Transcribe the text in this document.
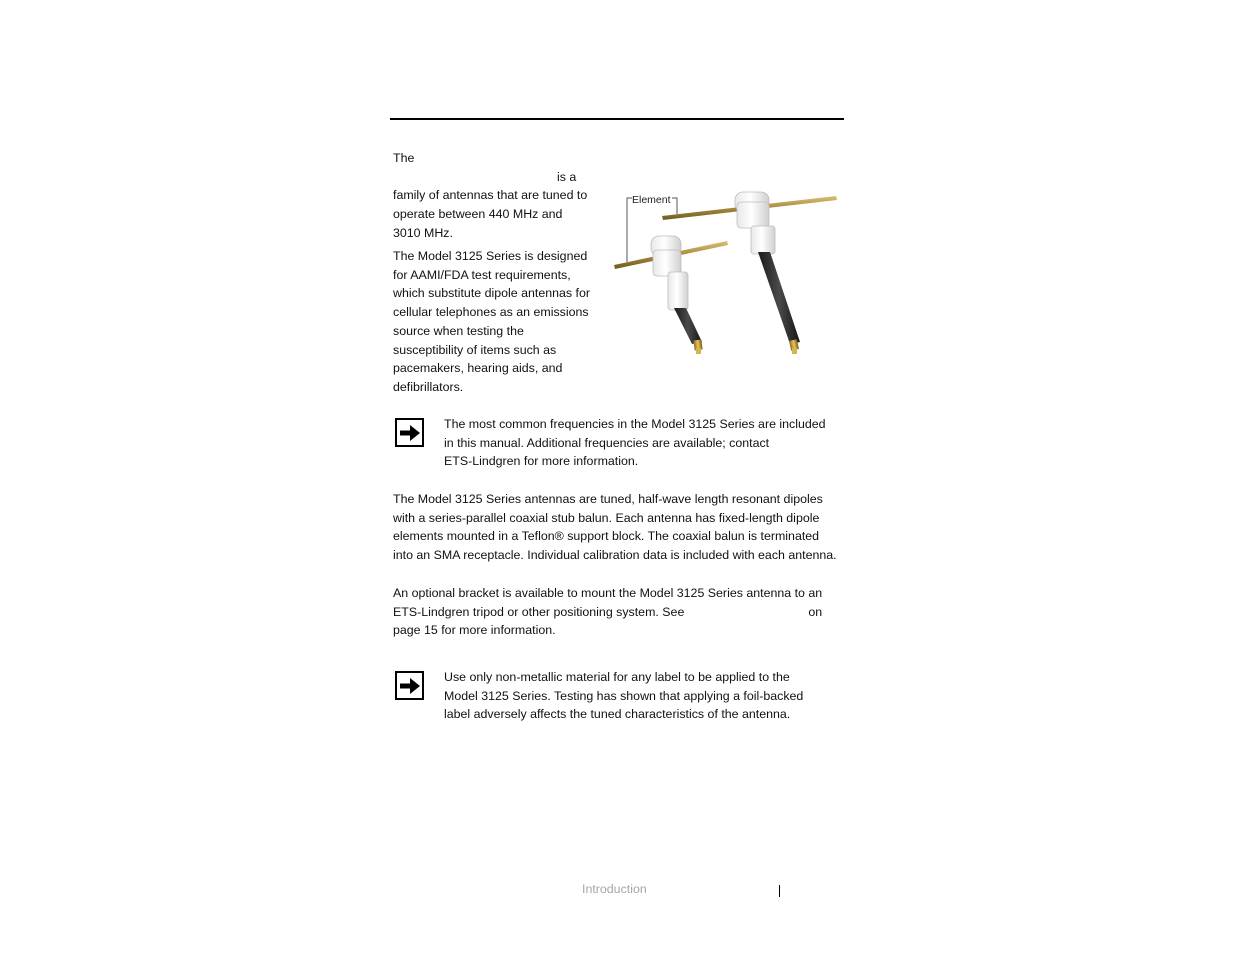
The
is a
family of antennas that are tuned to
operate between 440 MHz and
3010 MHz.
The Model 3125 Series is designed
for AAMI/FDA test requirements,
which substitute dipole antennas for
cellular telephones as an emissions
source when testing the
susceptibility of items such as
pacemakers, hearing aids, and
defibrillators.
Element
The most common frequencies in the Model 3125 Series are included
in this manual. Additional frequencies are available; contact
ETS-Lindgren for more information.
The Model 3125 Series antennas are tuned, half-wave length resonant dipoles
with a series-parallel coaxial stub balun. Each antenna has fixed-length dipole
elements mounted in a Teflon® support block. The coaxial balun is terminated
into an SMA receptacle. Individual calibration data is included with each antenna.
An optional bracket is available to mount the Model 3125 Series antenna to an
ETS-Lindgren tripod or other positioning system. See	on
page 15 for more information.
Use only non-metallic material for any label to be applied to the
Model 3125 Series. Testing has shown that applying a foil-backed
label adversely affects the tuned characteristics of the antenna.
Introduction
